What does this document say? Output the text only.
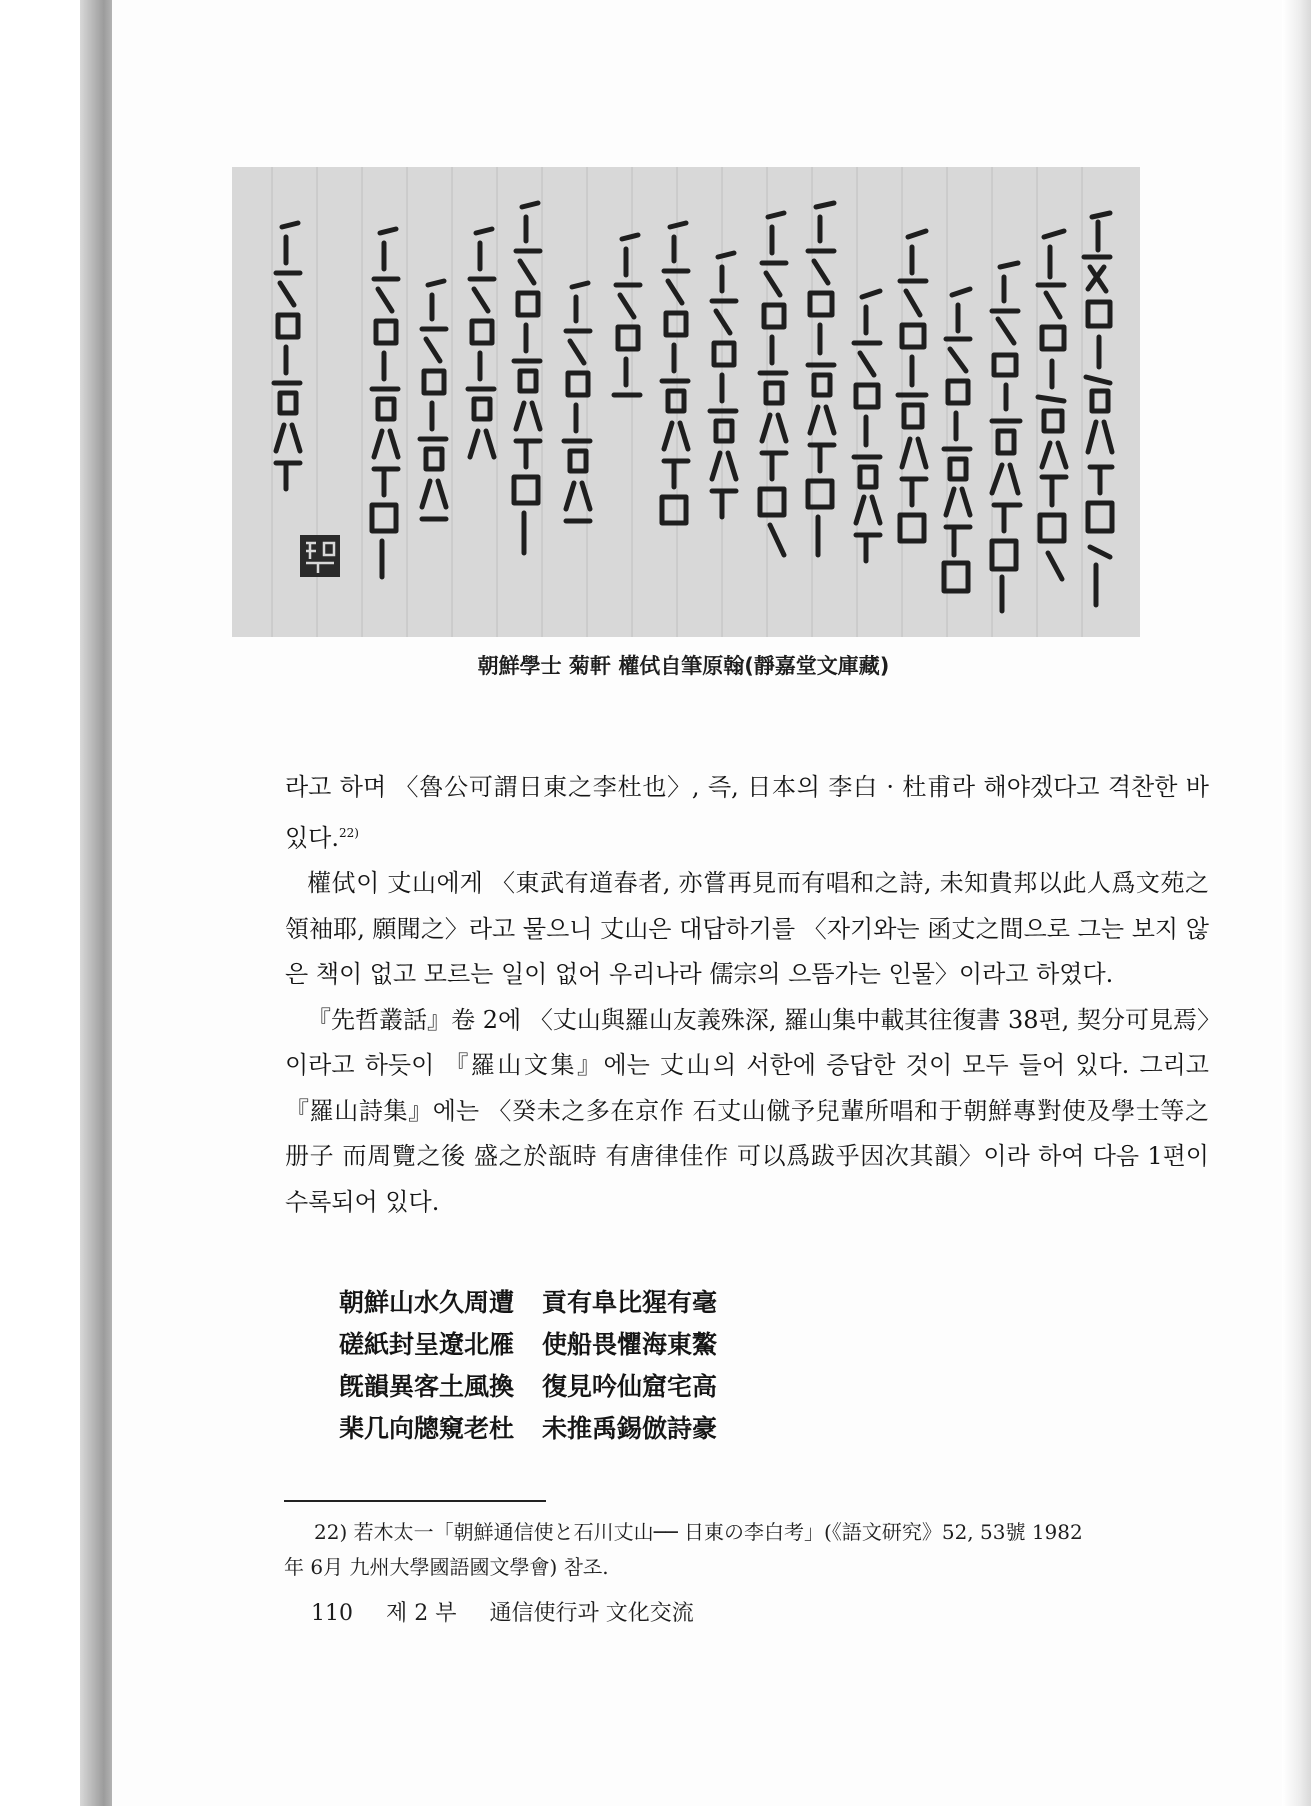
朝鮮學士 菊軒 權侙自筆原翰(靜嘉堂文庫藏)

라고 하며 〈魯公可謂日東之李杜也〉, 즉, 日本의 李白 · 杜甫라 해야겠다고 격찬한 바 있다.$^{22)}$

權侙이 丈山에게 〈東武有道春者, 亦嘗再見而有唱和之詩, 未知貴邦以此人爲文苑之領袖耶, 願聞之〉라고 물으니 丈山은 대답하기를 〈자기와는 函丈之間으로 그는 보지 않은 책이 없고 모르는 일이 없어 우리나라 儒宗의 으뜸가는 인물〉이라고 하였다.

『先哲叢話』卷 2에 〈丈山與羅山友義殊深, 羅山集中載其往復書 38편, 契分可見焉〉이라고 하듯이 『羅山文集』에는 丈山의 서한에 증답한 것이 모두 들어 있다. 그리고 『羅山詩集』에는 〈癸未之多在京作 石丈山僦予兒輩所唱和于朝鮮專對使及學士等之册子 而周覽之後 盛之於瓿時 有唐律佳作 可以爲跋乎因次其韻〉이라 하여 다음 1편이 수록되어 있다.

朝鮮山水久周遭 貢有阜比猩有毫
磋紙封呈遼北雁 使船畏懼海東鰲
旣韻異客土風換 復見吟仙窟宅高
棐几向牕窺老杜 未推禹錫倣詩豪
22) 若木太一「朝鮮通信使と石川丈山── 日東の李白考」(《語文研究》52, 53號 1982
年 6月 九州大學國語國文學會) 참조.
110 제 2 부 通信使行과 文化交流
